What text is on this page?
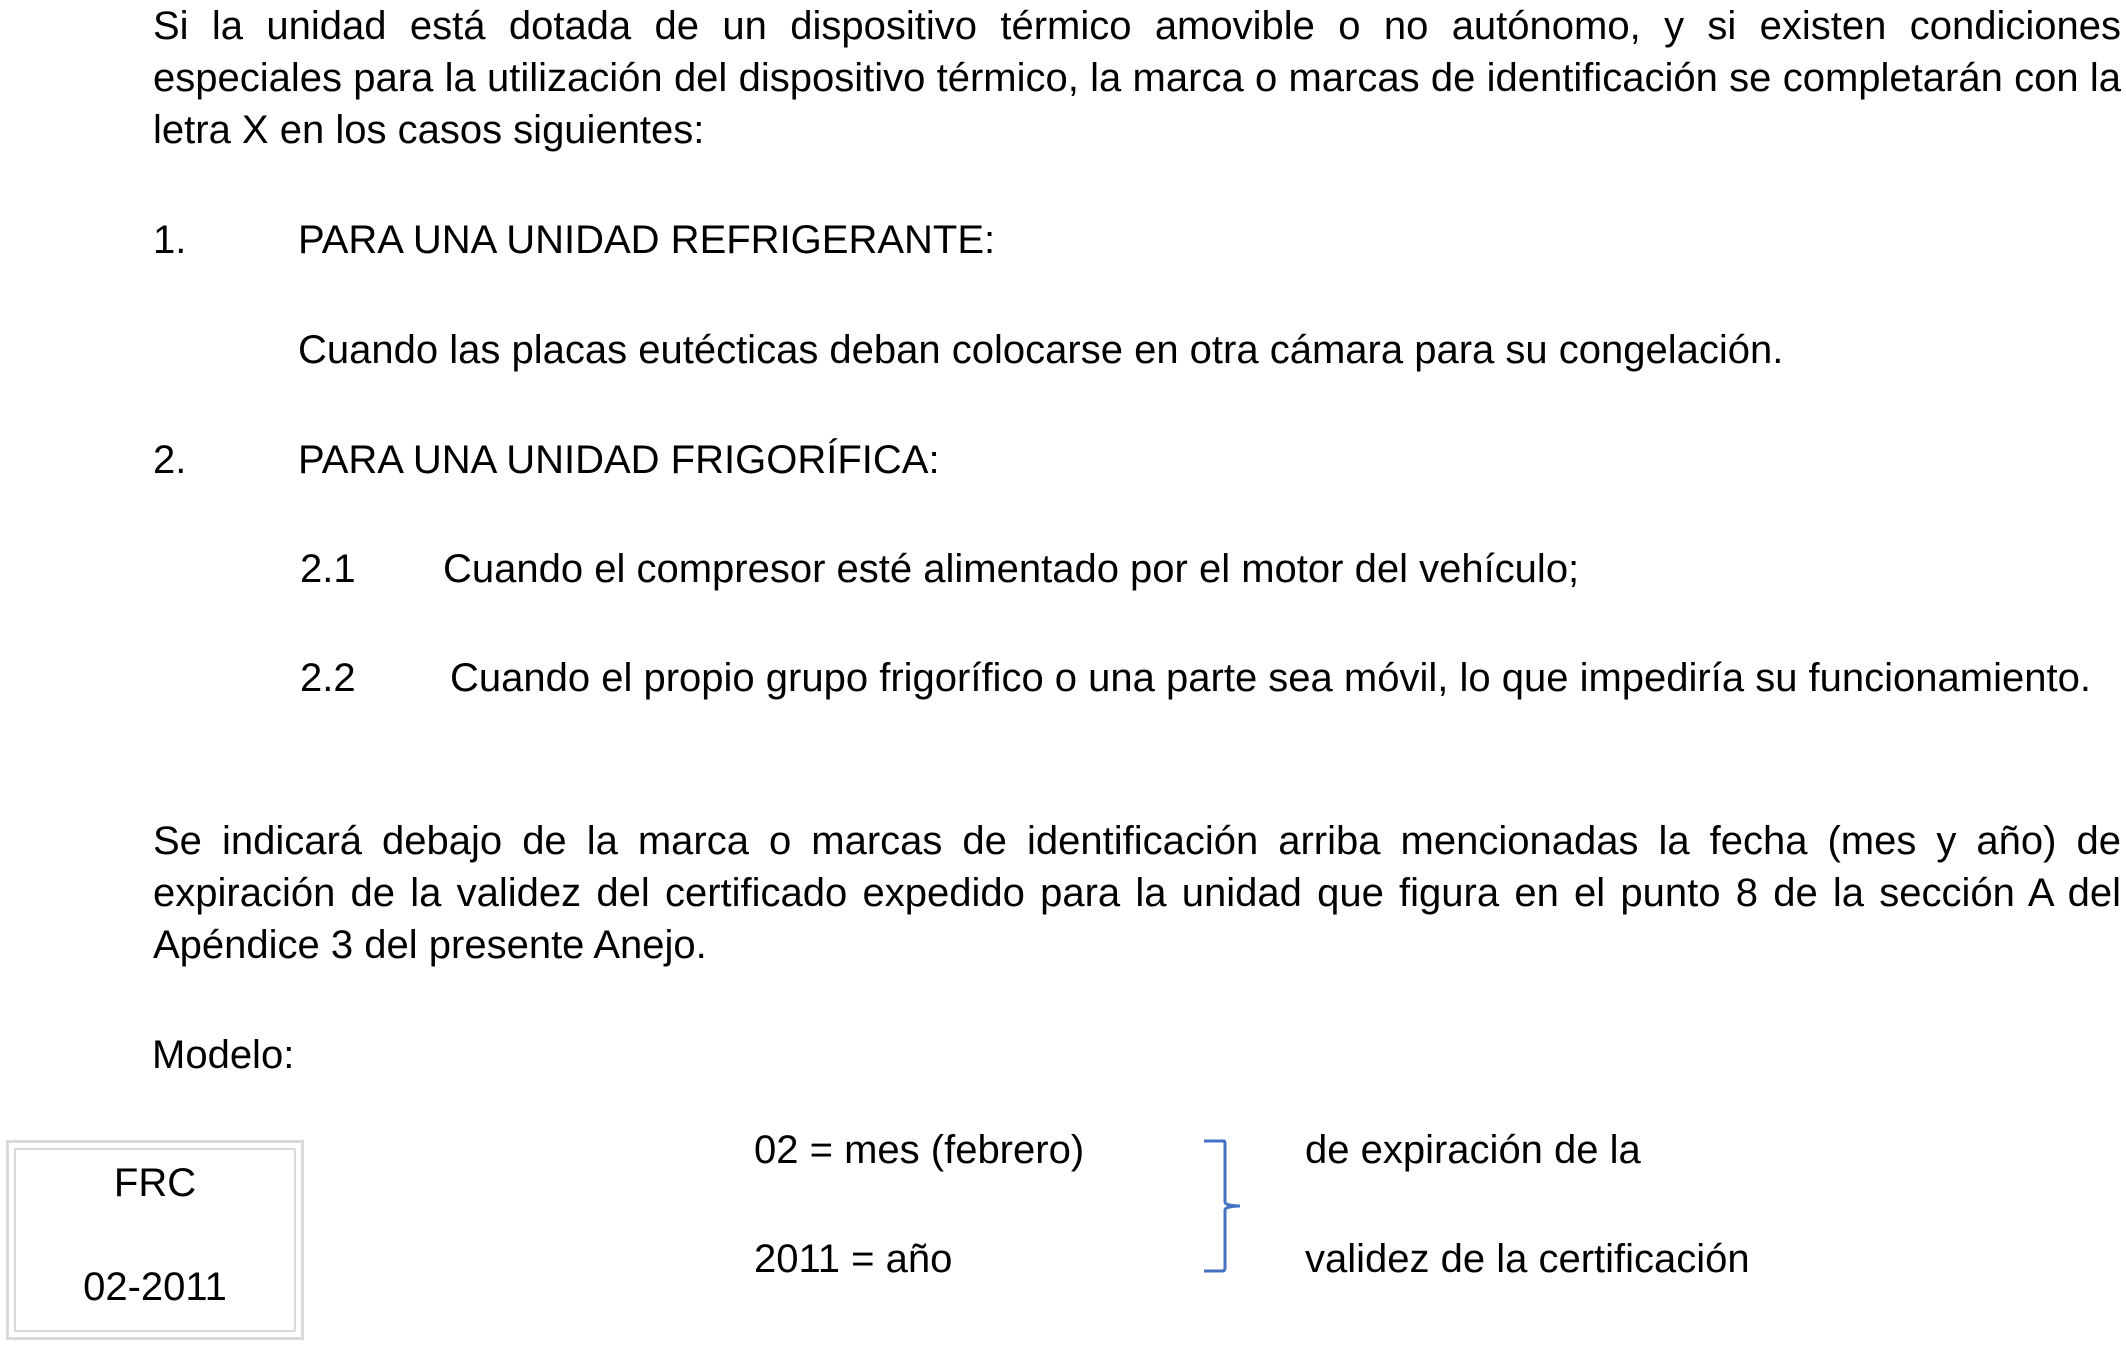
Si la unidad está dotada de un dispositivo térmico amovible o no autónomo, y si existen condiciones especiales para la utilización del dispositivo térmico, la marca o marcas de identificación se completarán con la letra X en los casos siguientes:

1.	PARA UNA UNIDAD REFRIGERANTE:
Cuando las placas eutécticas deban colocarse en otra cámara para su congelación.
2.	PARA UNA UNIDAD FRIGORÍFICA:
2.1 Cuando el compresor esté alimentado por el motor del vehículo;
2.2 Cuando el propio grupo frigorífico o una parte sea móvil, lo que impediría su funcionamiento.

Se indicará debajo de la marca o marcas de identificación arriba mencionadas la fecha (mes y año) de expiración de la validez del certificado expedido para la unidad que figura en el punto 8 de la sección A del Apéndice 3 del presente Anejo.

Modelo:
FRC
02-2011
02 = mes (febrero)
2011 = año
de expiración de la
validez de la certificación
